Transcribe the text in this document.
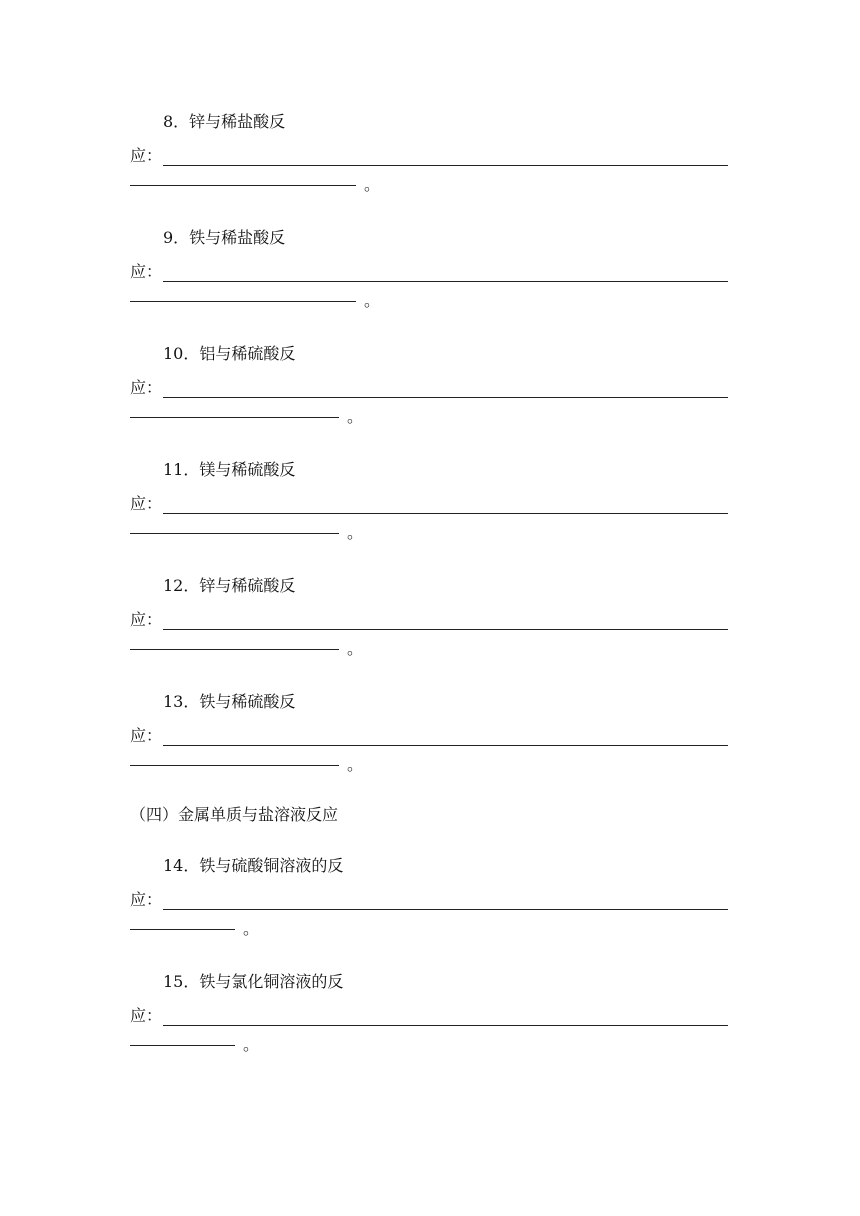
8．锌与稀盐酸反
应：
。
9．铁与稀盐酸反
应：
。
10．铝与稀硫酸反
应：
。
11．镁与稀硫酸反
应：
。
12．锌与稀硫酸反
应：
。
13．铁与稀硫酸反
应：
。
（四）金属单质与盐溶液反应
14．铁与硫酸铜溶液的反
应：
。
15．铁与氯化铜溶液的反
应：
。
